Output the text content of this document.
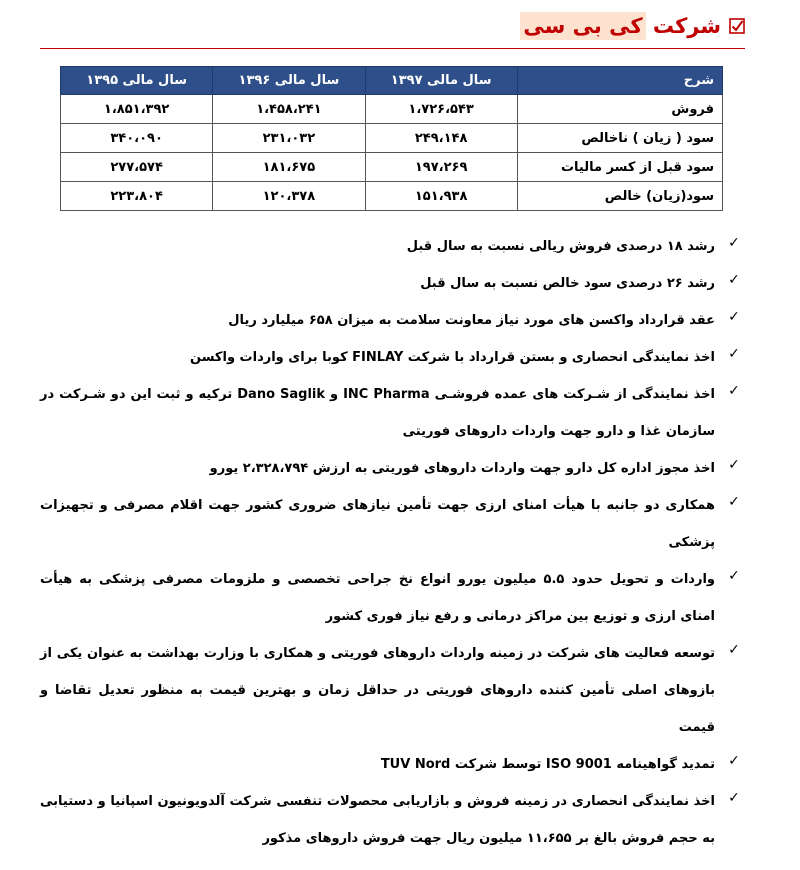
شرکت کی بی سی
شرح	سال مالی ۱۳۹۷	سال مالی ۱۳۹۶	سال مالی ۱۳۹۵
فروش	۱،۷۲۶،۵۴۳	۱،۴۵۸،۲۴۱	۱،۸۵۱،۳۹۲
سود ( زیان ) ناخالص	۲۴۹،۱۴۸	۲۳۱،۰۳۲	۳۴۰،۰۹۰
سود قبل از کسر مالیات	۱۹۷،۲۶۹	۱۸۱،۶۷۵	۲۷۷،۵۷۴
سود(زیان) خالص	۱۵۱،۹۳۸	۱۲۰،۳۷۸	۲۲۳،۸۰۴
✓
رشد ۱۸ درصدی فروش ریالی نسبت به سال قبل
✓
رشد ۲۶ درصدی سود خالص نسبت به سال قبل
✓
عقد قرارداد واکسن های مورد نیاز معاونت سلامت به میزان ۶۵۸ میلیارد ریال
✓
اخذ نمایندگی انحصاری و بستن قرارداد با شرکت FINLAY کوبا برای واردات واکسن
✓
اخذ نمایندگی از شـرکت های عمده فروشـی INC Pharma و Dano Saglik ترکیه و ثبت این دو شـرکت در سازمان غذا و دارو جهت واردات داروهای فوریتی
✓
اخذ مجوز اداره کل دارو جهت واردات داروهای فوریتی به ارزش ۲،۳۲۸،۷۹۴ یورو
✓
همکاری دو جانبه با هیأت امنای ارزی جهت تأمین نیازهای ضروری کشور جهت اقلام مصرفی و تجهیزات پزشکی
✓
واردات و تحویل حدود ۵.۵ میلیون یورو انواع نخ جراحی تخصصی و ملزومات مصرفی پزشکی به هیأت امنای ارزی و توزیع بین مراکز درمانی و رفع نیاز فوری کشور
✓
توسعه فعالیت های شرکت در زمینه واردات داروهای فوریتی و همکاری با وزارت بهداشت به عنوان یکی از بازوهای اصلی تأمین کننده داروهای فوریتی در حداقل زمان و بهترین قیمت به منظور تعدیل تقاضا و قیمت
✓
تمدید گواهینامه ISO 9001 توسط شرکت TUV Nord
✓
اخذ نمایندگی انحصاری در زمینه فروش و بازاریابی محصولات تنفسی شرکت آلدویونیون اسپانیا و دستیابی به حجم فروش بالغ بر ۱۱،۶۵۵ میلیون ریال جهت فروش داروهای مذکور
